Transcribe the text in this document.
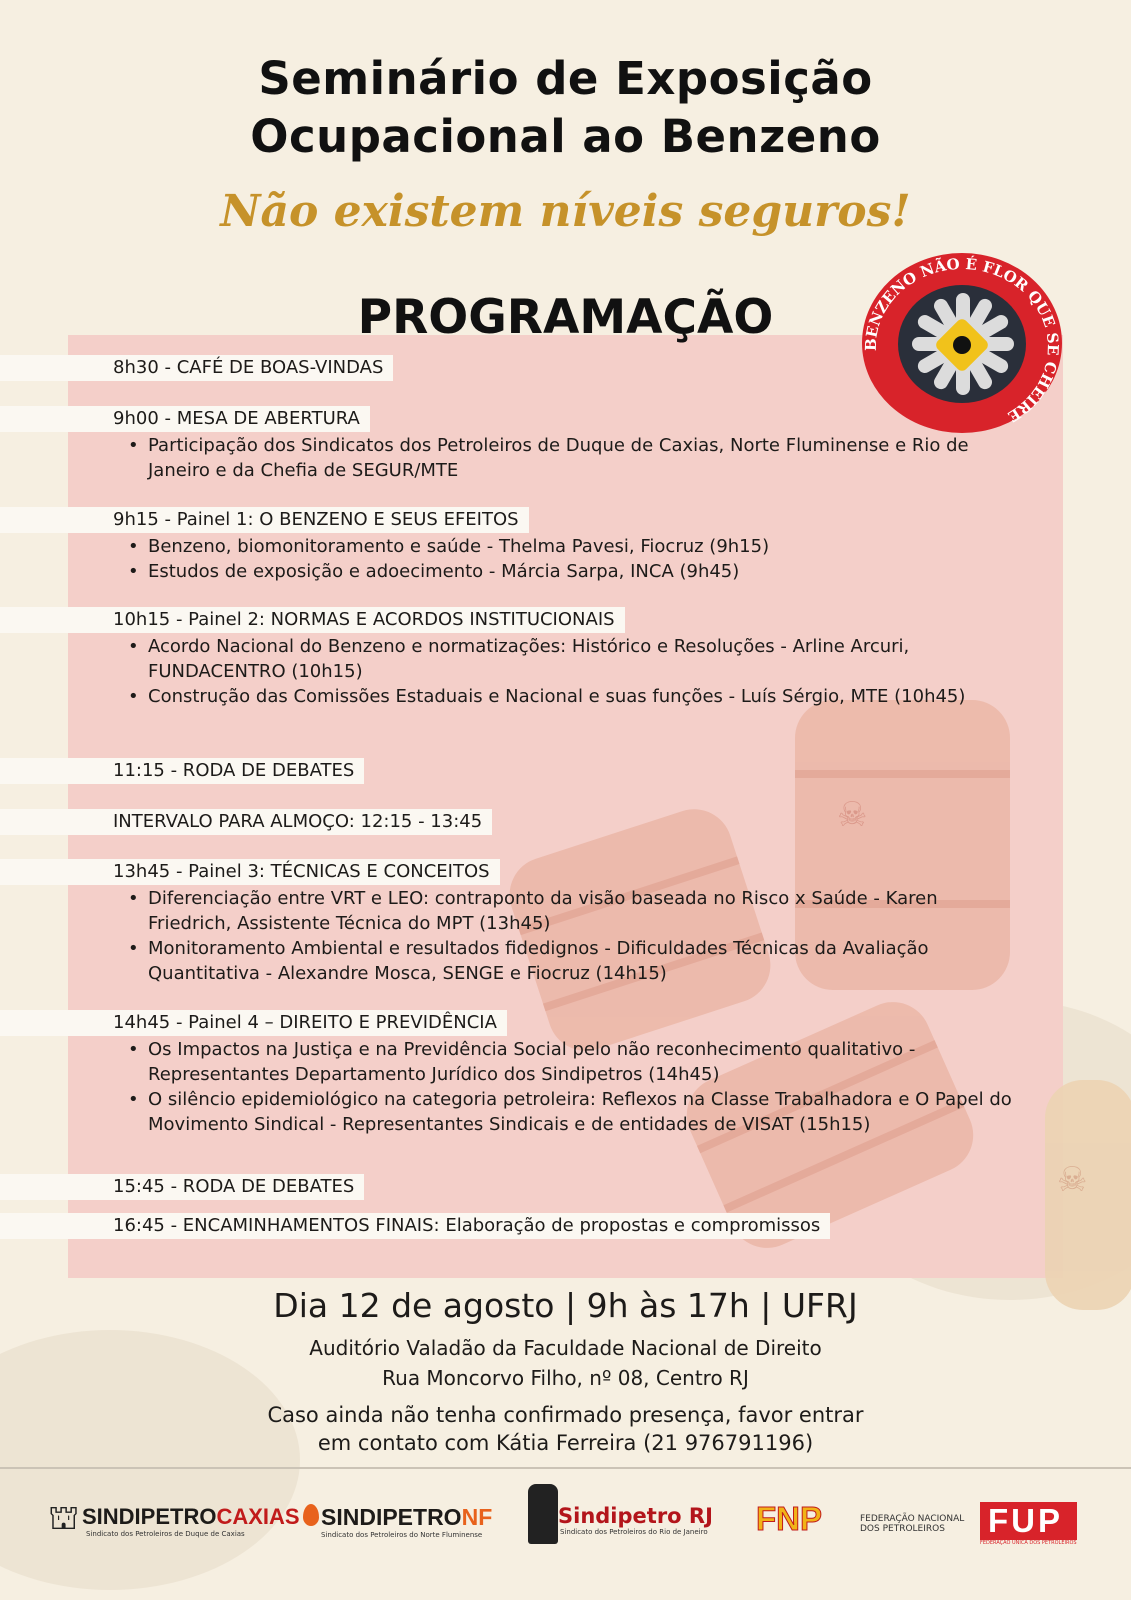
Seminário de Exposição
Ocupacional ao Benzeno
Não existem níveis seguros!
☠
☠
PROGRAMAÇÃO	BENZENO NÃO É FLOR QUE SE CHEIRE
8h30 - CAFÉ DE BOAS-VINDAS
9h00 - MESA DE ABERTURA
• Participação dos Sindicatos dos Petroleiros de Duque de Caxias, Norte Fluminense e Rio de Janeiro e da Chefia de SEGUR/MTE
9h15 - Painel 1: O BENZENO E SEUS EFEITOS
• Benzeno, biomonitoramento e saúde - Thelma Pavesi, Fiocruz (9h15)
• Estudos de exposição e adoecimento - Márcia Sarpa, INCA (9h45)
10h15 - Painel 2: NORMAS E ACORDOS INSTITUCIONAIS
• Acordo Nacional do Benzeno e normatizações: Histórico e Resoluções - Arline Arcuri, FUNDACENTRO (10h15)
• Construção das Comissões Estaduais e Nacional e suas funções - Luís Sérgio, MTE (10h45)
11:15 - RODA DE DEBATES
INTERVALO PARA ALMOÇO: 12:15 - 13:45
13h45 - Painel 3: TÉCNICAS E CONCEITOS
• Diferenciação entre VRT e LEO: contraponto da visão baseada no Risco x Saúde - Karen Friedrich, Assistente Técnica do MPT (13h45)
• Monitoramento Ambiental e resultados fidedignos - Dificuldades Técnicas da Avaliação Quantitativa - Alexandre Mosca, SENGE e Fiocruz (14h15)
14h45 - Painel 4 – DIREITO E PREVIDÊNCIA
• Os Impactos na Justiça e na Previdência Social pelo não reconhecimento qualitativo - Representantes Departamento Jurídico dos Sindipetros (14h45)
• O silêncio epidemiológico na categoria petroleira: Reflexos na Classe Trabalhadora e O Papel do Movimento Sindical - Representantes Sindicais e de entidades de VISAT (15h15)
15:45 - RODA DE DEBATES
16:45 - ENCAMINHAMENTOS FINAIS: Elaboração de propostas e compromissos
Dia 12 de agosto | 9h às 17h | UFRJ
Auditório Valadão da Faculdade Nacional de Direito
Rua Moncorvo Filho, nº 08, Centro RJ
Caso ainda não tenha confirmado presença, favor entrar
em contato com Kátia Ferreira (21 976791196)
⛫ SINDIPETROCAXIAS
Sindicato dos Petroleiros de Duque de Caxias
SINDIPETRONF
Sindicato dos Petroleiros do Norte Fluminense
Sindipetro RJ
Sindicato dos Petroleiros do Rio de Janeiro FNP	FEDERAÇÃO NACIONAL
DOS PETROLEIROS	FUP
FEDERAÇÃO ÚNICA DOS PETROLEIROS
